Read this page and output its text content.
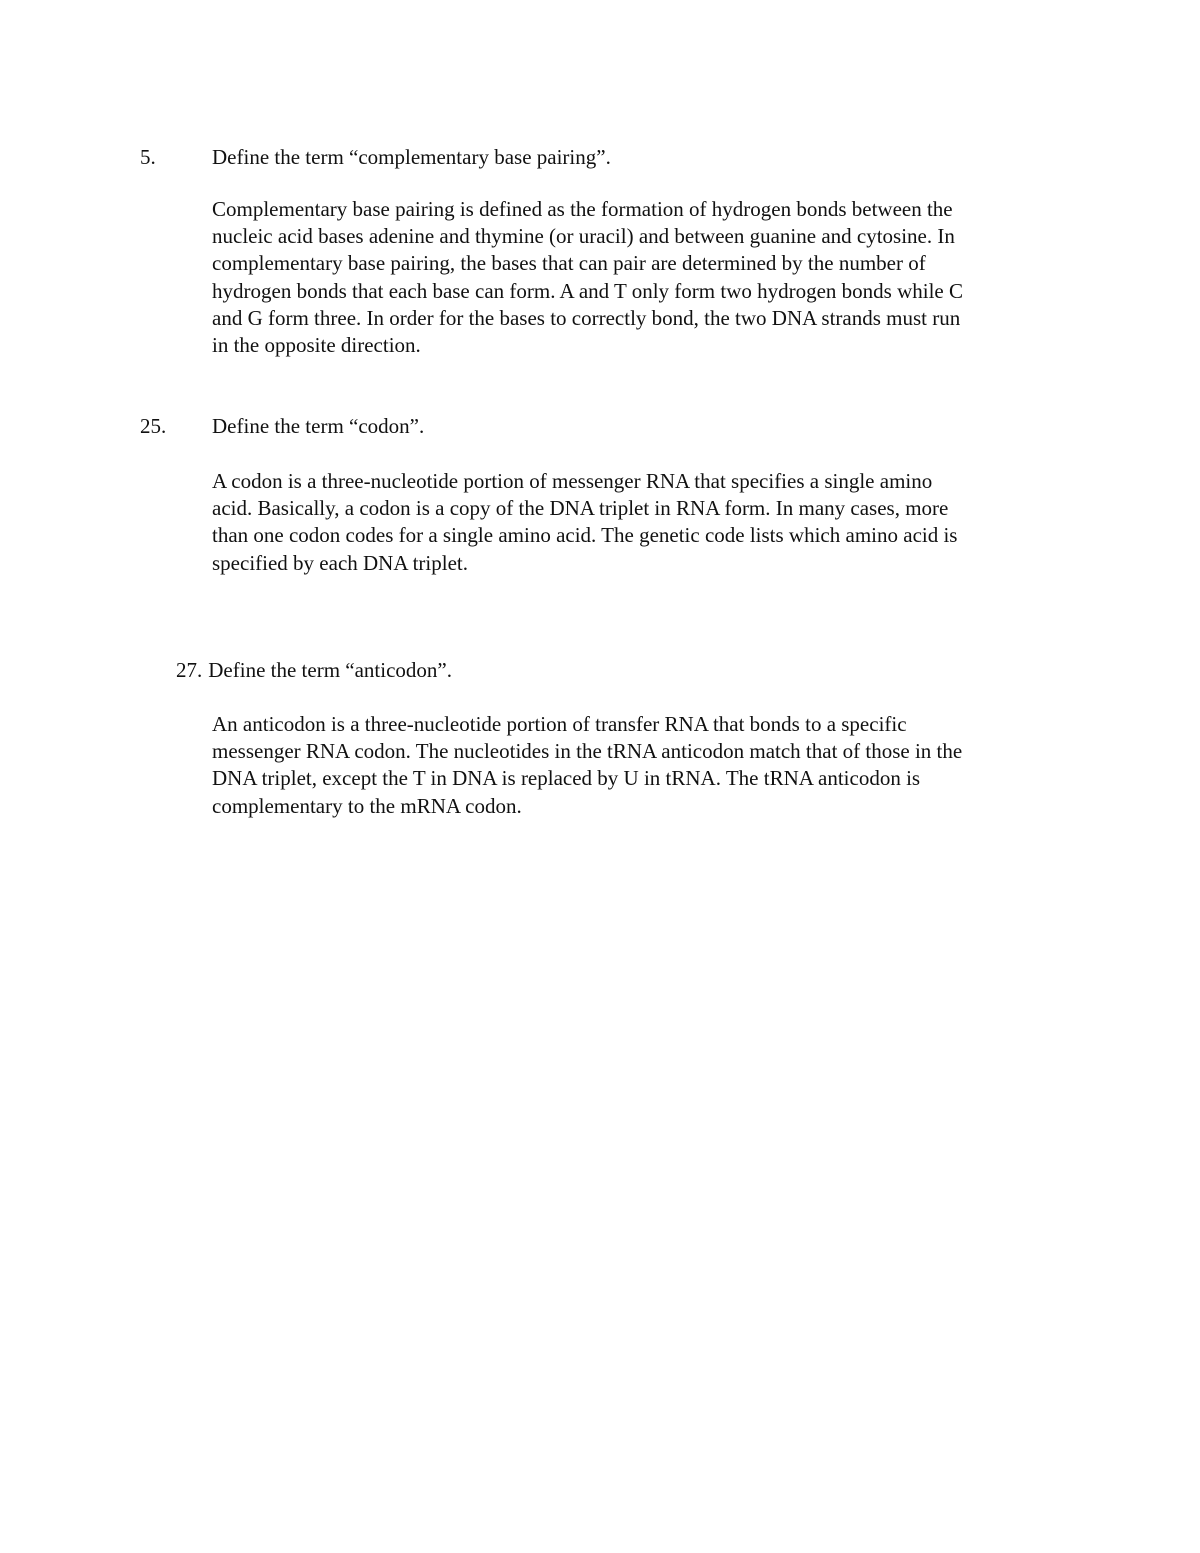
5.	Define the term “complementary base pairing”.
Complementary base pairing is defined as the formation of hydrogen bonds between the
nucleic acid bases adenine and thymine (or uracil) and between guanine and cytosine. In
complementary base pairing, the bases that can pair are determined by the number of
hydrogen bonds that each base can form. A and T only form two hydrogen bonds while C
and G form three. In order for the bases to correctly bond, the two DNA strands must run
in the opposite direction.
25. Define the term “codon”.
A codon is a three-nucleotide portion of messenger RNA that specifies a single amino
acid. Basically, a codon is a copy of the DNA triplet in RNA form. In many cases, more
than one codon codes for a single amino acid. The genetic code lists which amino acid is
specified by each DNA triplet.
27. Define the term “anticodon”.
An anticodon is a three-nucleotide portion of transfer RNA that bonds to a specific
messenger RNA codon. The nucleotides in the tRNA anticodon match that of those in the
DNA triplet, except the T in DNA is replaced by U in tRNA. The tRNA anticodon is
complementary to the mRNA codon.
